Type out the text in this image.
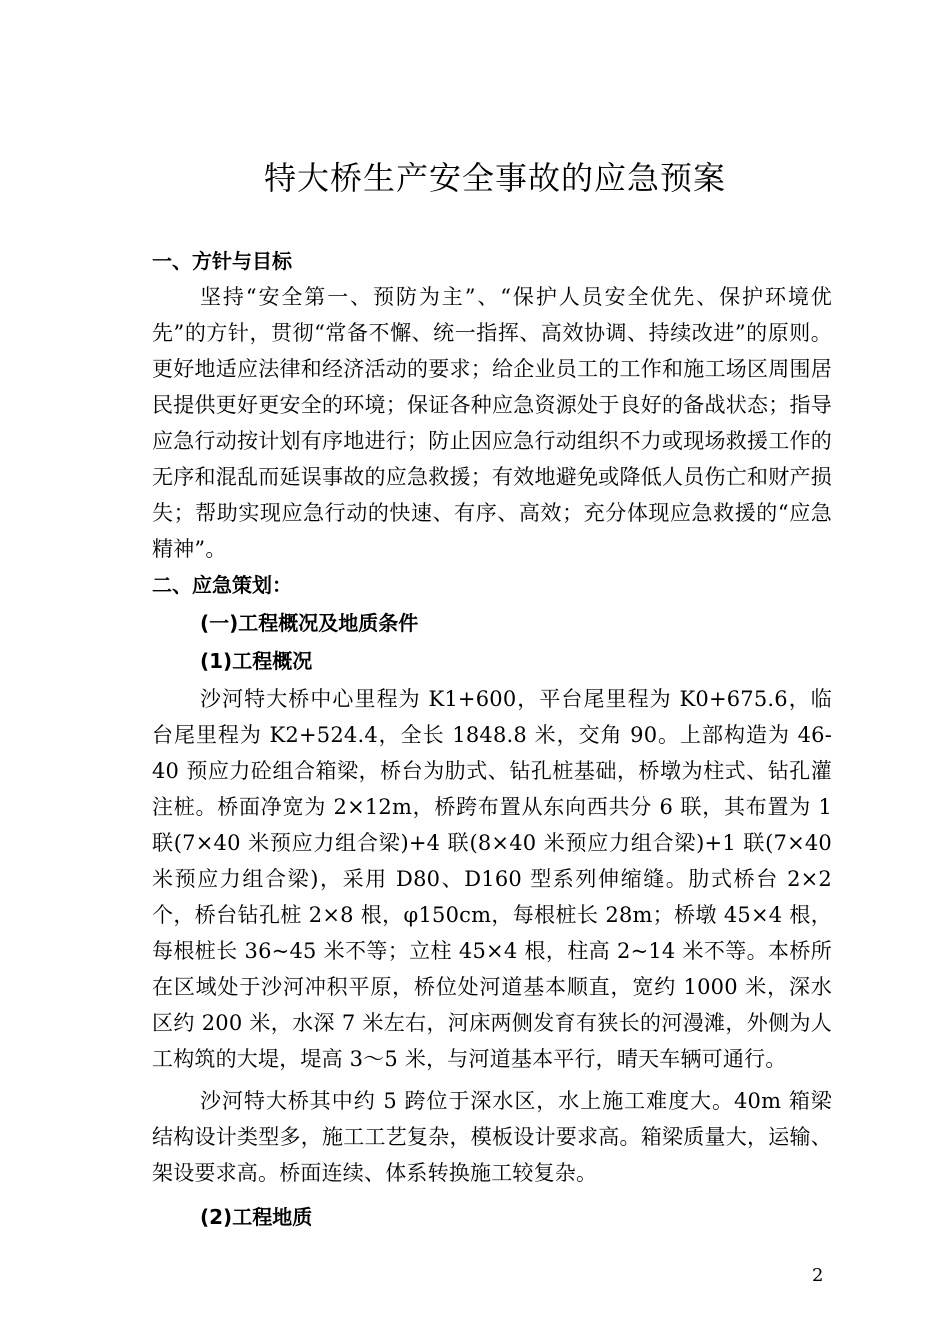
特大桥生产安全事故的应急预案

一、方针与目标

坚持“安全第一、预防为主”、“保护人员安全优先、保护环境优先”的方针，贯彻“常备不懈、统一指挥、高效协调、持续改进”的原则。更好地适应法律和经济活动的要求；给企业员工的工作和施工场区周围居民提供更好更安全的环境；保证各种应急资源处于良好的备战状态；指导应急行动按计划有序地进行；防止因应急行动组织不力或现场救援工作的无序和混乱而延误事故的应急救援；有效地避免或降低人员伤亡和财产损失；帮助实现应急行动的快速、有序、高效；充分体现应急救援的“应急精神”。

二、应急策划：

(一)工程概况及地质条件

(1)工程概况

沙河特大桥中心里程为 K1+600，平台尾里程为 K0+675.6，临台尾里程为 K2+524.4，全长 1848.8 米，交角 90。上部构造为 46-40 预应力砼组合箱梁，桥台为肋式、钻孔桩基础，桥墩为柱式、钻孔灌注桩。桥面净宽为 2×12m，桥跨布置从东向西共分 6 联，其布置为 1 联(7×40 米预应力组合梁)+4 联(8×40 米预应力组合梁)+1 联(7×40 米预应力组合梁)，采用 D80、D160 型系列伸缩缝。肋式桥台 2×2 个，桥台钻孔桩 2×8 根，φ150cm，每根桩长 28m；桥墩 45×4 根，每根桩长 36~45 米不等；立柱 45×4 根，柱高 2~14 米不等。本桥所在区域处于沙河冲积平原，桥位处河道基本顺直，宽约 1000 米，深水区约 200 米，水深 7 米左右，河床两侧发育有狭长的河漫滩，外侧为人工构筑的大堤，堤高 3～5 米，与河道基本平行，晴天车辆可通行。

沙河特大桥其中约 5 跨位于深水区，水上施工难度大。40m 箱梁结构设计类型多，施工工艺复杂，模板设计要求高。箱梁质量大，运输、架设要求高。桥面连续、体系转换施工较复杂。

(2)工程地质

2
